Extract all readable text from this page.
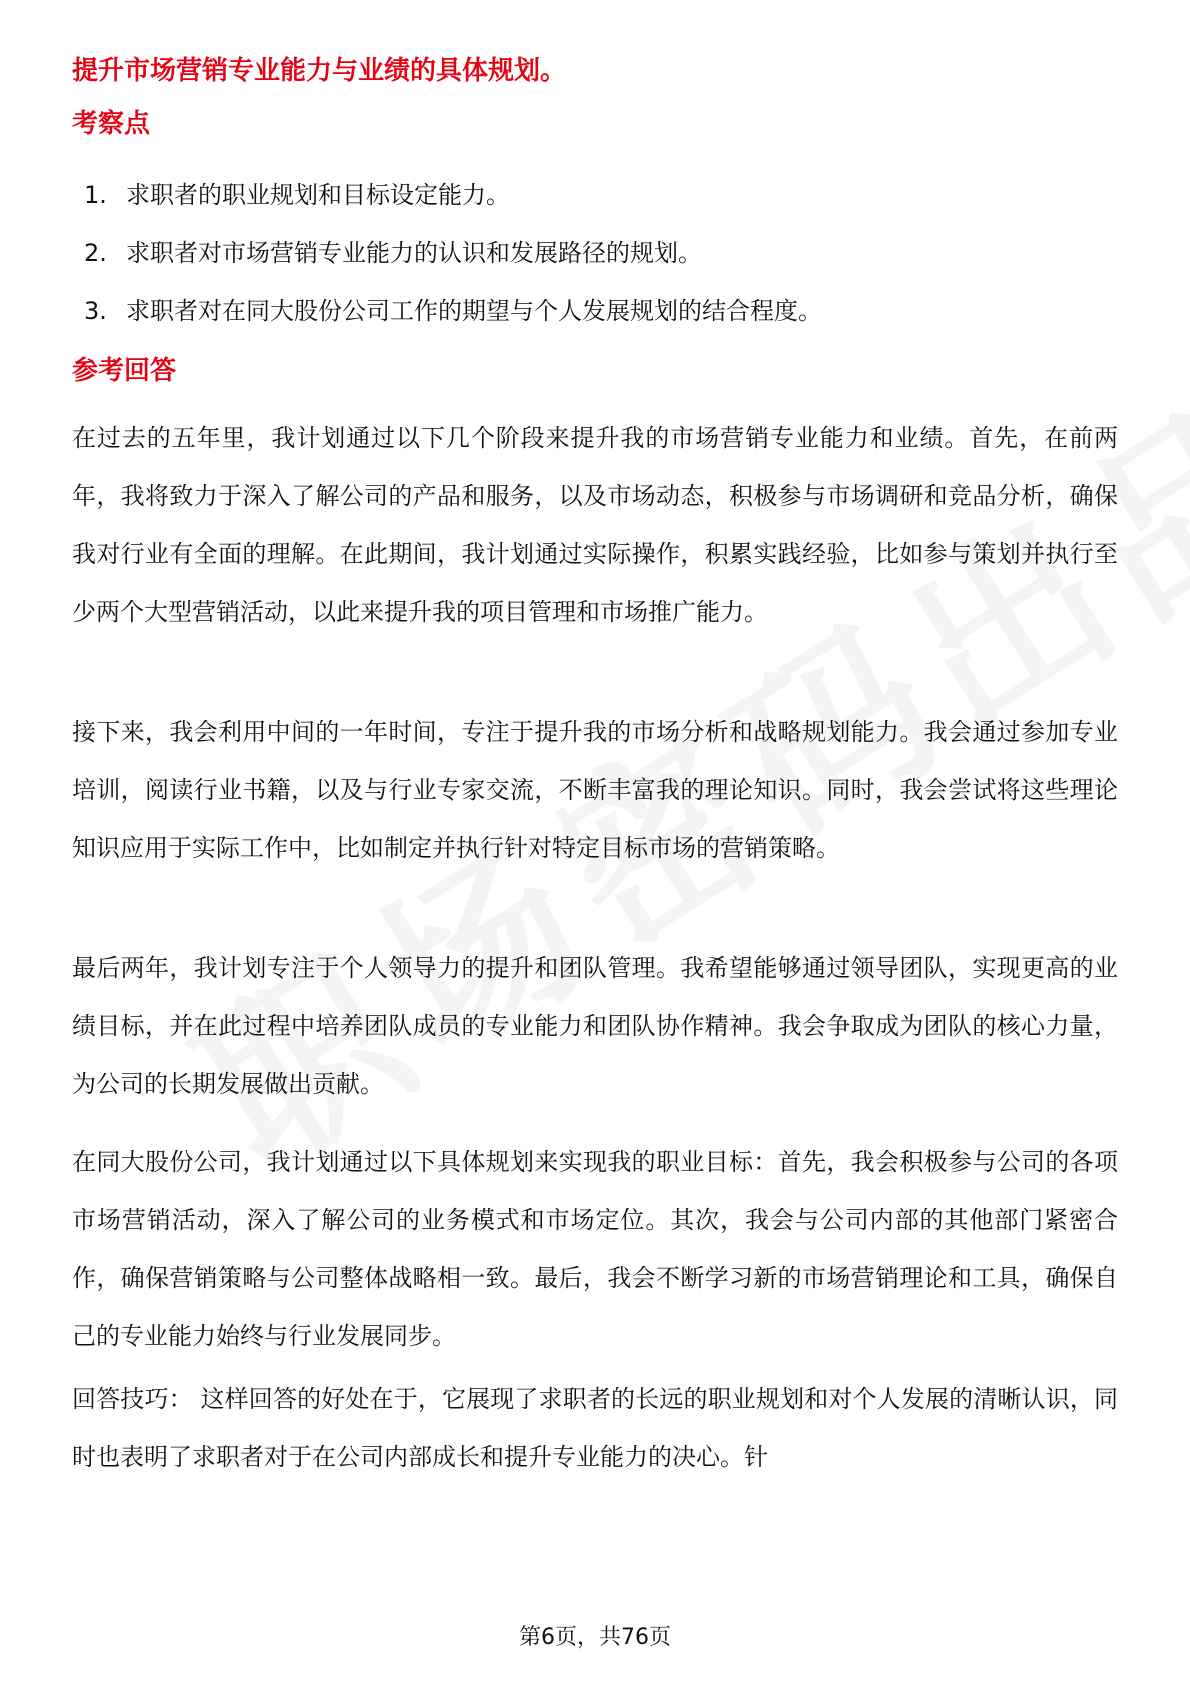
提升市场营销专业能力与业绩的具体规划。
考察点
1. 求职者的职业规划和目标设定能力。
2. 求职者对市场营销专业能力的认识和发展路径的规划。
3. 求职者对在同大股份公司工作的期望与个人发展规划的结合程度。
参考回答

在过去的五年里，我计划通过以下几个阶段来提升我的市场营销专业能力和业绩。首先，在前两年，我将致力于深入了解公司的产品和服务，以及市场动态，积极参与市场调研和竞品分析，确保我对行业有全面的理解。在此期间，我计划通过实际操作，积累实践经验，比如参与策划并执行至少两个大型营销活动，以此来提升我的项目管理和市场推广能力。

接下来，我会利用中间的一年时间，专注于提升我的市场分析和战略规划能力。我会通过参加专业培训，阅读行业书籍，以及与行业专家交流，不断丰富我的理论知识。同时，我会尝试将这些理论知识应用于实际工作中，比如制定并执行针对特定目标市场的营销策略。

最后两年，我计划专注于个人领导力的提升和团队管理。我希望能够通过领导团队，实现更高的业绩目标，并在此过程中培养团队成员的专业能力和团队协作精神。我会争取成为团队的核心力量，为公司的长期发展做出贡献。

在同大股份公司，我计划通过以下具体规划来实现我的职业目标：首先，我会积极参与公司的各项市场营销活动，深入了解公司的业务模式和市场定位。其次，我会与公司内部的其他部门紧密合作，确保营销策略与公司整体战略相一致。最后，我会不断学习新的市场营销理论和工具，确保自己的专业能力始终与行业发展同步。

回答技巧： 这样回答的好处在于，它展现了求职者的长远的职业规划和对个人发展的清晰认识，同时也表明了求职者对于在公司内部成长和提升专业能力的决心。针

第6页，共76页
